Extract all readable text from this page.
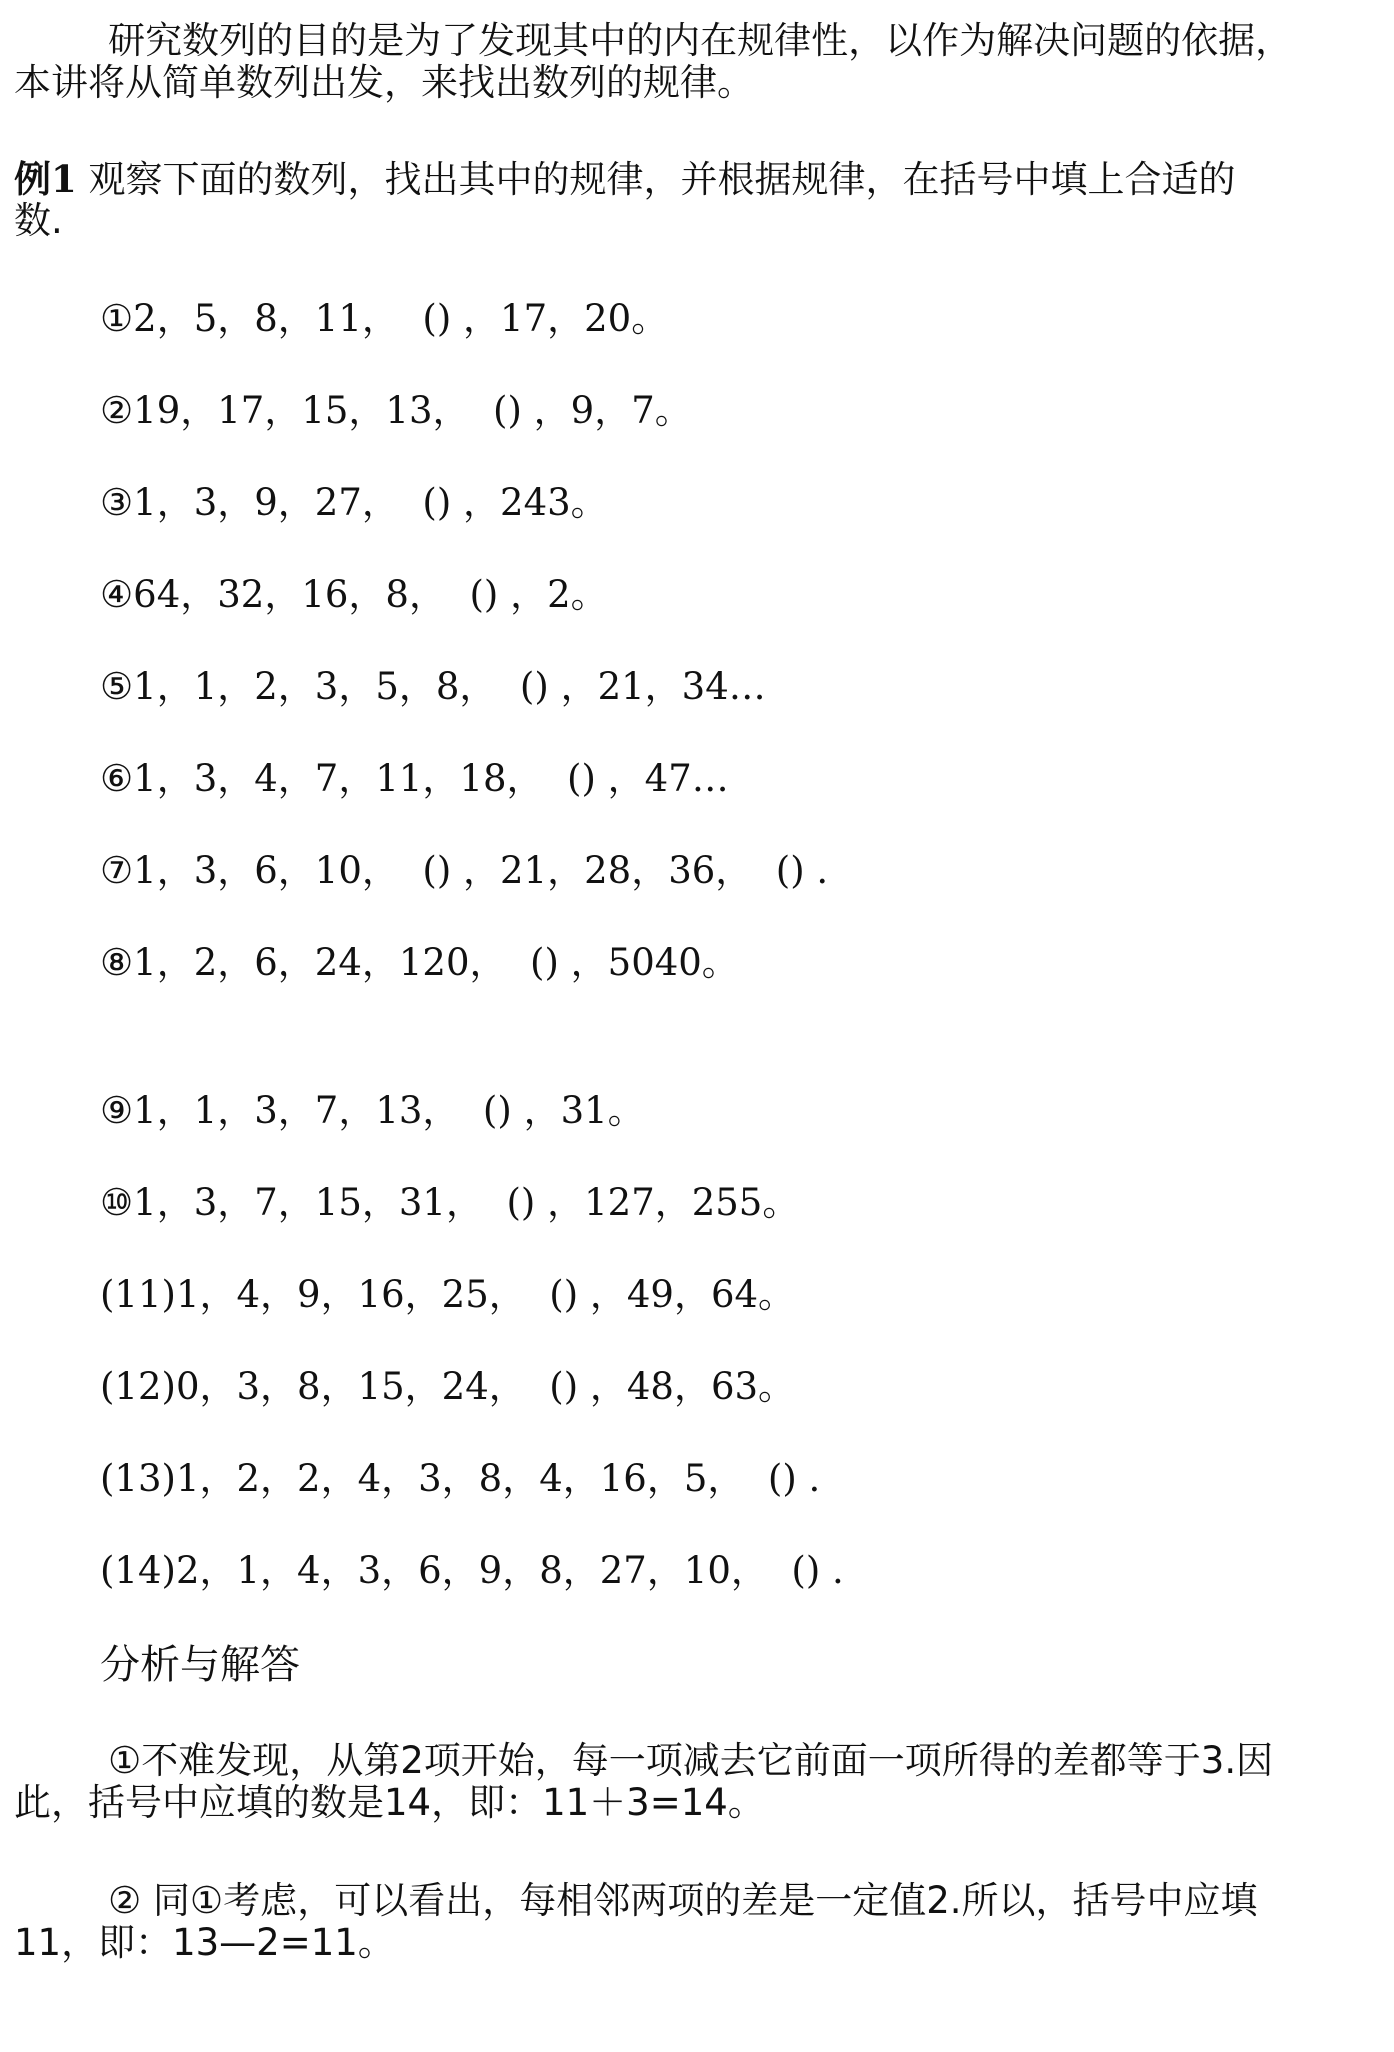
研究数列的目的是为了发现其中的内在规律性，以作为解决问题的依据，
本讲将从简单数列出发，来找出数列的规律。
例1 观察下面的数列，找出其中的规律，并根据规律，在括号中填上合适的
数.
①2，5，8，11，  () ，17，20。
②19，17，15，13，  () ，9，7。
③1，3，9，27，  () ，243。
④64，32，16，8，  () ，2。
⑤1，1，2，3，5，8，  () ，21，34…
⑥1，3，4，7，11，18，  () ，47…
⑦1，3，6，10，  () ，21，28，36，  () .
⑧1，2，6，24，120，  () ，5040。
⑨1，1，3，7，13，  () ，31。
⑩1，3，7，15，31，  () ，127，255。
(11)1，4，9，16，25，  () ，49，64。
(12)0，3，8，15，24，  () ，48，63。
(13)1，2，2，4，3，8，4，16，5，  () .
(14)2，1，4，3，6，9，8，27，10，  () .
分析与解答
①不难发现，从第2项开始，每一项减去它前面一项所得的差都等于3.因
此，括号中应填的数是14，即：11＋3=14。
② 同①考虑，可以看出，每相邻两项的差是一定值2.所以，括号中应填
11，即：13—2=11。
